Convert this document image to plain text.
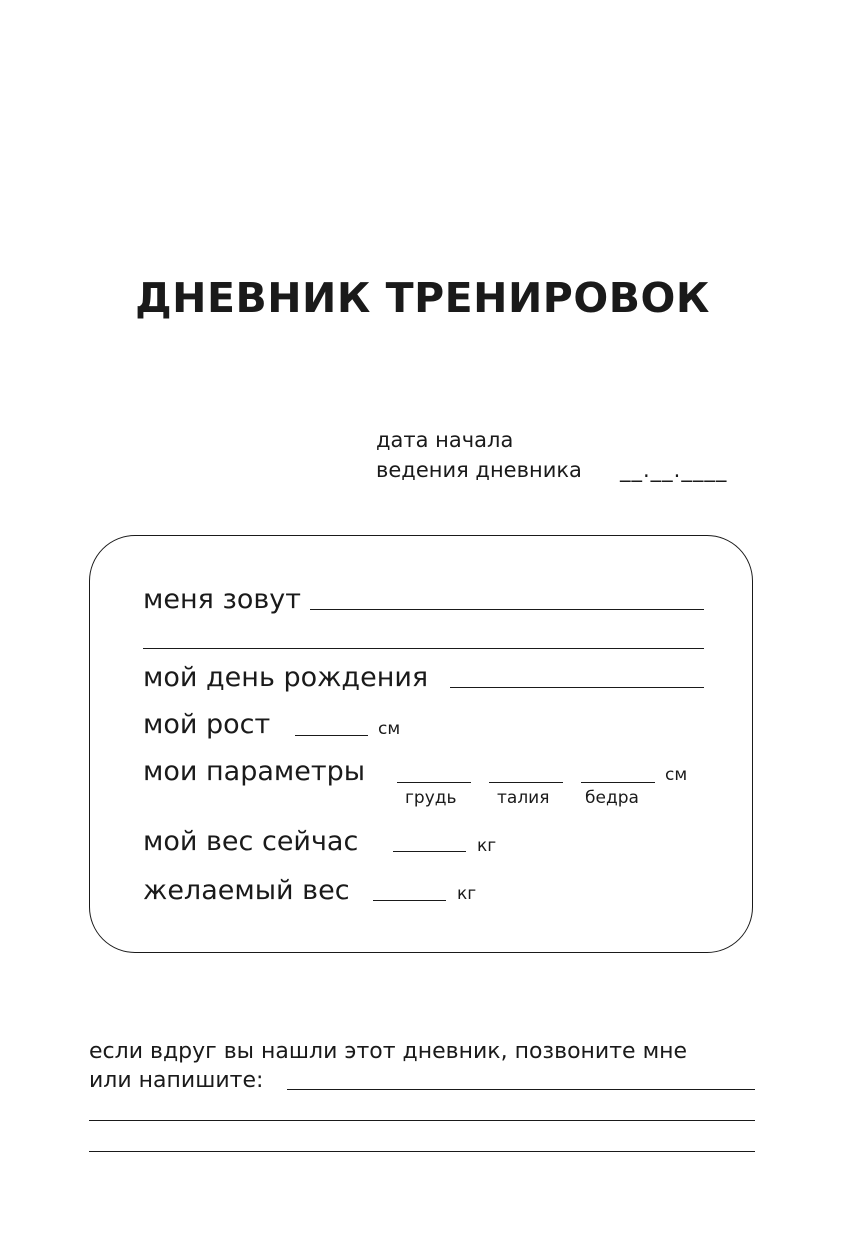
ДНЕВНИК ТРЕНИРОВОК
дата начала
ведения дневника __.__.____
меня зовут
мой день рождения
мой рост	см
мои параметры	см
грудь талия бедра
мой вес сейчас	кг
желаемый вес	кг
если вдруг вы нашли этот дневник, позвоните мне
или напишите:
